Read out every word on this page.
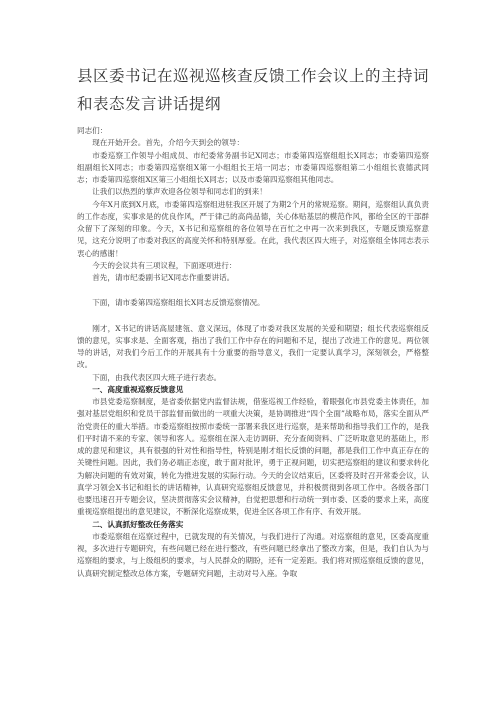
县区委书记在巡视巡核查反馈工作会议上的主持词和表态发言讲话提纲

同志们：

现在开始开会。首先，介绍今天到会的领导：

市委巡察工作领导小组成员、市纪委常务副书记X同志；市委第四巡察组组长X同志；市委第四巡察组副组长X同志；市委第四巡察组X第一小组组长王培一同志；市委第四巡察组第二小组组长袁德武同志；市委第四巡察组X区第三小组组长X同志；以及市委第四巡察组其他同志。

让我们以热烈的掌声欢迎各位领导和同志们的到来！

今年X月底到X月底，市委第四巡察组进驻我区开展了为期2个月的常规巡察。期间，巡察组认真负责的工作态度，实事求是的优良作风，严于律己的高尚品德，关心体贴基层的模范作风，都给全区的干部群众留下了深刻的印象。今天，X书记和巡察组的各位领导在百忙之中再一次来到我区，专题反馈巡察意见，这充分说明了市委对我区的高度关怀和特别厚爱。在此，我代表区四大班子，对巡察组全体同志表示衷心的感谢！

今天的会议共有三项议程，下面逐项进行：

首先，请市纪委副书记X同志作重要讲话。

下面，请市委第四巡察组组长X同志反馈巡察情况。

刚才，X书记的讲话高屋建瓴、意义深远，体现了市委对我区发展的关爱和期望；组长代表巡察组反馈的意见，实事求是、全面客观，指出了我们工作中存在的问题和不足，提出了改进工作的意见。两位领导的讲话，对我们今后工作的开展具有十分重要的指导意义，我们一定要认真学习，深刻领会，严格整改。

下面，由我代表区四大班子进行表态。

一、高度重视巡察反馈意见

市县党委巡察制度，是省委依据党内监督法规，借鉴巡视工作经验，着眼强化市县党委主体责任，加强对基层党组织和党员干部监督而做出的一项重大决策，是协调推进“四个全面”战略布局，落实全面从严治党责任的重大举措。市委巡察组按照市委统一部署来我区进行巡察，是来帮助和指导我们工作的，是我们平时请不来的专家、领导和客人。巡察组在深入走访调研、充分查阅资料、广泛听取意见的基础上，形成的意见和建议，具有很强的针对性和指导性，特别是刚才组长反馈的问题，都是我们工作中真正存在的关键性问题。因此，我们务必端正态度，敢于面对批评，勇于正视问题，切实把巡察组的建议和要求转化为解决问题的有效对策，转化为推进发展的实际行动。今天的会议结束后，区委将及时召开常委会议，认真学习领会X书记和组长的讲话精神，认真研究巡察组反馈意见，并积极贯彻到各项工作中。各级各部门也要迅速召开专题会议，坚决贯彻落实会议精神，自觉把思想和行动统一到市委、区委的要求上来，高度重视巡察组提出的意见建议，不断深化巡察成果，促进全区各项工作有序、有效开展。

二、认真抓好整改任务落实

市委巡察组在巡察过程中，已就发现的有关情况，与我们进行了沟通。对巡察组的意见，区委高度重视，多次进行专题研究，有些问题已经在进行整改，有些问题已经拿出了整改方案，但是，我们自认为与巡察组的要求，与上级组织的要求，与人民群众的期盼，还有一定差距。我们将对照巡察组反馈的意见，认真研究制定整改总体方案，专题研究问题，主动对号入座。争取
